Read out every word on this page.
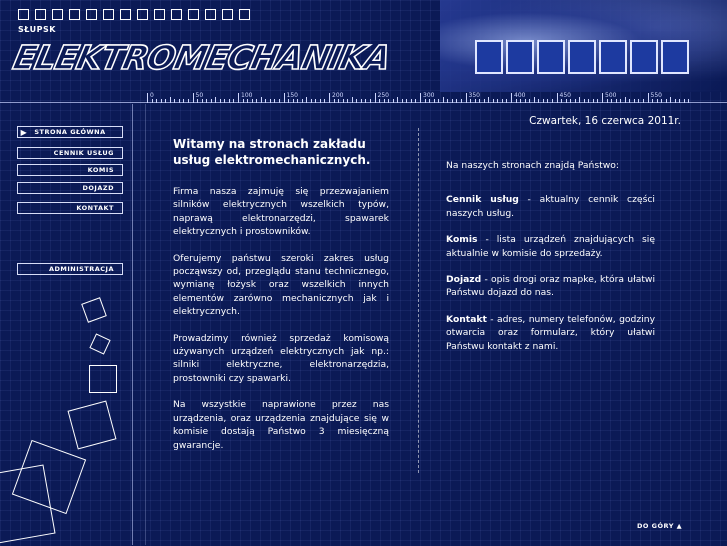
SŁUPSK
ELEKTROMECHANIKA
0	50	100	150	200	250	300	350	400	450	500	550
▶	STRONA GŁÓWNA
CENNIK USŁUG
KOMIS
DOJAZD
KONTAKT
ADMINISTRACJA
Czwartek, 16 czerwca 2011r.
Witamy na stronach zakładu usług elektromechanicznych.

Firma nasza zajmuję się przezwajaniem silników elektrycznych wszelkich typów, naprawą elektronarzędzi, spawarek elektrycznych i prostowników.

Oferujemy państwu szeroki zakres usług począwszy od, przeglądu stanu technicznego, wymianę łożysk oraz wszelkich innych elementów zarówno mechanicznych jak i elektrycznych.

Prowadzimy również sprzedaż komisową używanych urządzeń elektrycznych jak np.: silniki elektryczne, elektronarzędzia, prostowniki czy spawarki.

Na wszystkie naprawione przez nas urządzenia, oraz urządzenia znajdujące się w komisie dostają Państwo 3 miesięczną gwarancje.

Na naszych stronach znajdą Państwo:

Cennik usług - aktualny cennik części naszych usług.

Komis - lista urządzeń znajdujących się aktualnie w komisie do sprzedaży.

Dojazd - opis drogi oraz mapke, która ułatwi Państwu dojazd do nas.

Kontakt - adres, numery telefonów, godziny otwarcia oraz formularz, który ułatwi Państwu kontakt z nami.

DO GÓRY ▲
